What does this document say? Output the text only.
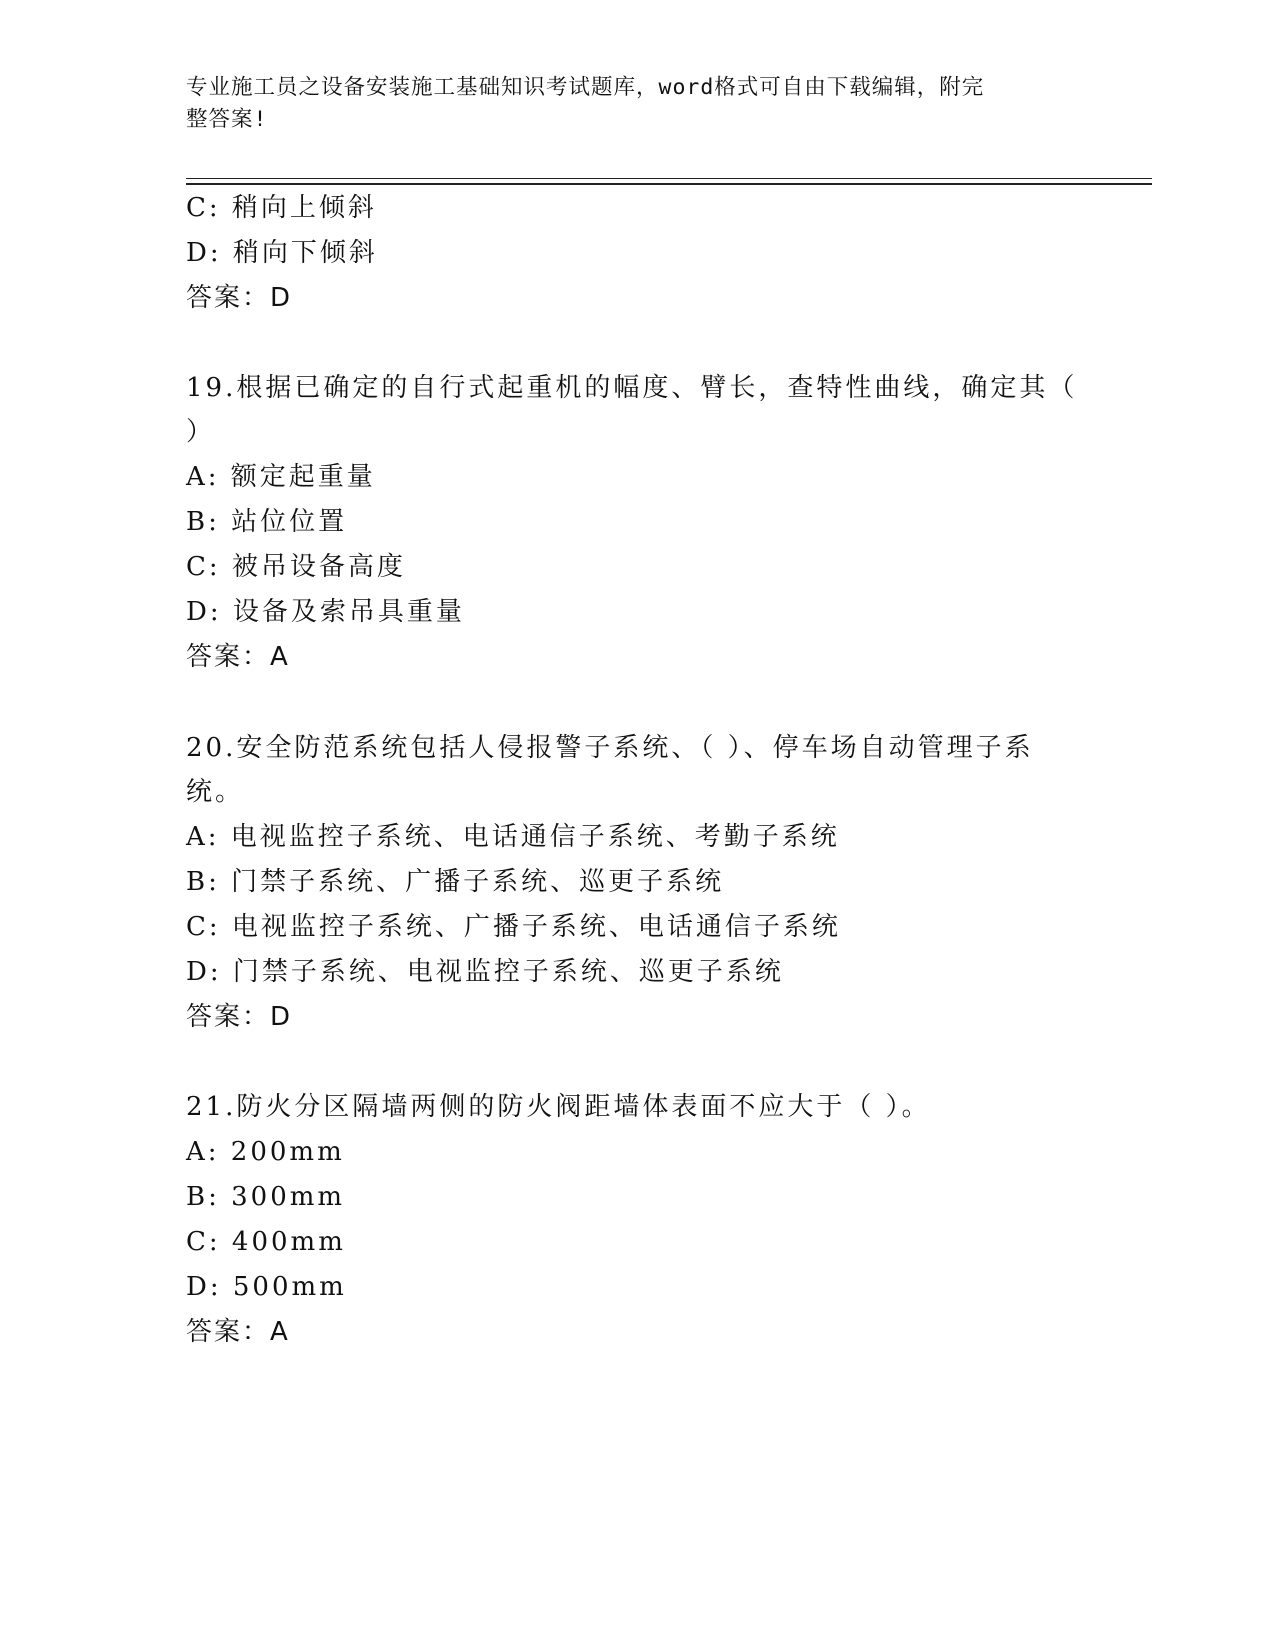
专业施工员之设备安装施工基础知识考试题库，word格式可自由下载编辑，附完
整答案!

C: 稍向上倾斜

D: 稍向下倾斜

答案：D

19.根据已确定的自行式起重机的幅度、臂长，查特性曲线，确定其（

）

A: 额定起重量

B: 站位位置

C: 被吊设备高度

D: 设备及索吊具重量

答案：A

20.安全防范系统包括人侵报警子系统、（ ）、停车场自动管理子系

统。

A: 电视监控子系统、电话通信子系统、考勤子系统

B: 门禁子系统、广播子系统、巡更子系统

C: 电视监控子系统、广播子系统、电话通信子系统

D: 门禁子系统、电视监控子系统、巡更子系统

答案：D

21.防火分区隔墙两侧的防火阀距墙体表面不应大于（ ）。

A: 200mm

B: 300mm

C: 400mm

D: 500mm

答案：A
